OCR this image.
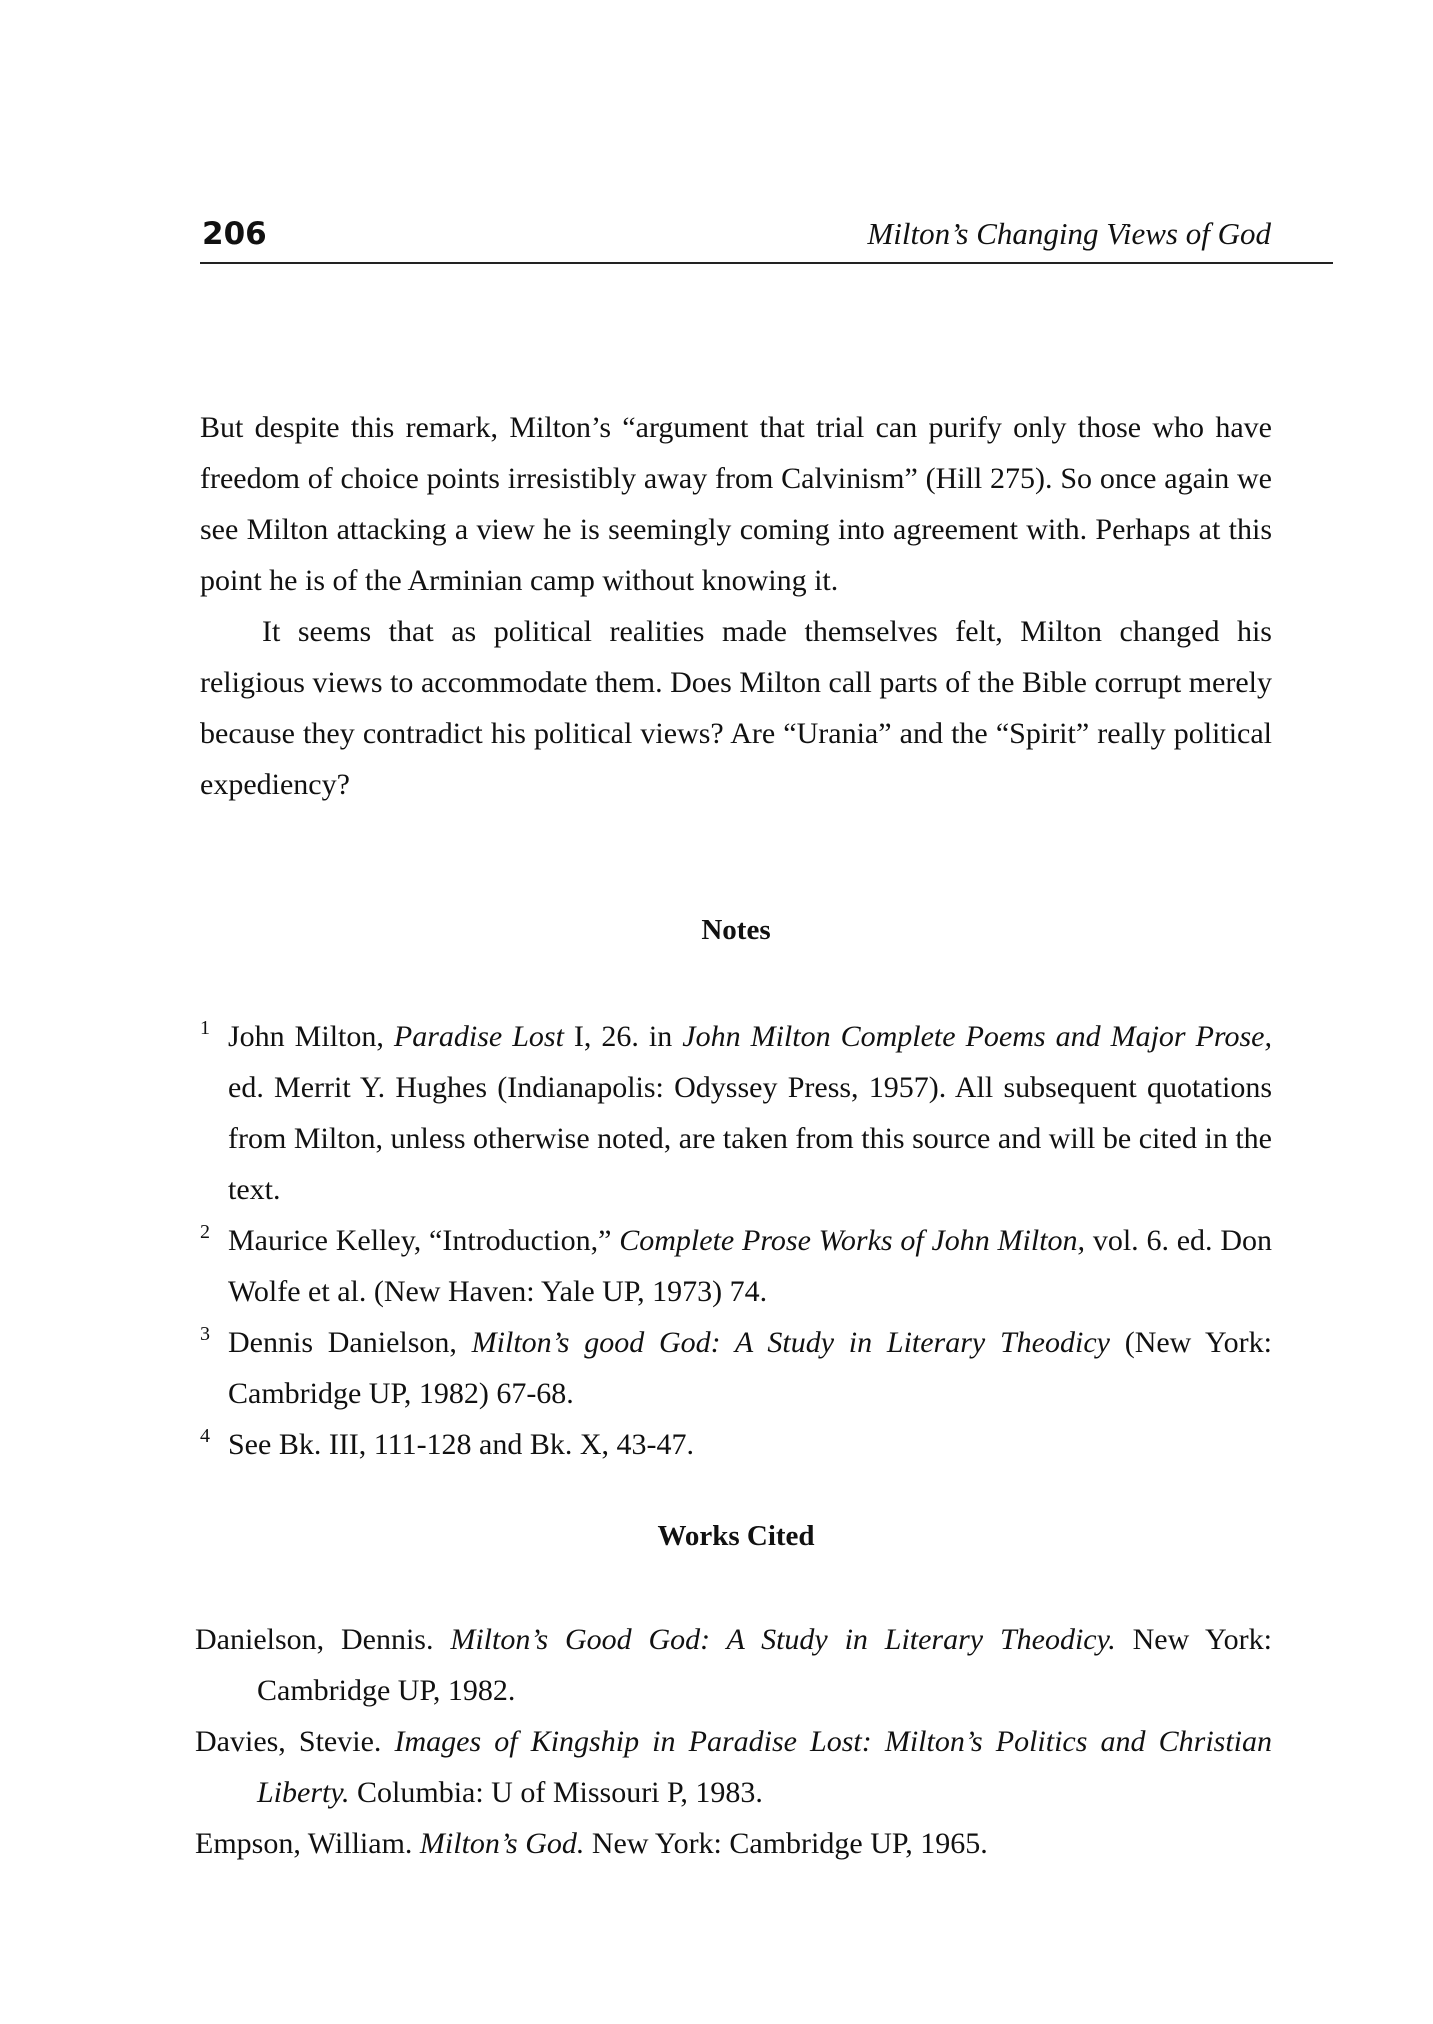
206	Milton’s Changing Views of God

But despite this remark, Milton’s “argument that trial can purify only those who have freedom of choice points irresistibly away from Calvinism” (Hill 275). So once again we see Milton attacking a view he is seemingly coming into agreement with. Perhaps at this point he is of the Arminian camp without knowing it.

It seems that as political realities made themselves felt, Milton changed his religious views to accommodate them. Does Milton call parts of the Bible corrupt merely because they contradict his political views? Are “Urania” and the “Spirit” really political expediency?

Notes
1 John Milton, Paradise Lost I, 26. in John Milton Complete Poems and Major Prose, ed. Merrit Y. Hughes (Indianapolis: Odyssey Press, 1957). All subsequent quotations from Milton, unless otherwise noted, are taken from this source and will be cited in the text.
2 Maurice Kelley, “Introduction,” Complete Prose Works of John Milton, vol. 6. ed. Don Wolfe et al. (New Haven: Yale UP, 1973) 74.
3 Dennis Danielson, Milton’s good God: A Study in Literary Theodicy (New York: Cambridge UP, 1982) 67-68.
4 See Bk. III, 111-128 and Bk. X, 43-47.
Works Cited
Danielson, Dennis. Milton’s Good God: A Study in Literary Theodicy. New York: Cambridge UP, 1982.
Davies, Stevie. Images of Kingship in Paradise Lost: Milton’s Politics and Christian Liberty. Columbia: U of Missouri P, 1983.
Empson, William. Milton’s God. New York: Cambridge UP, 1965.
